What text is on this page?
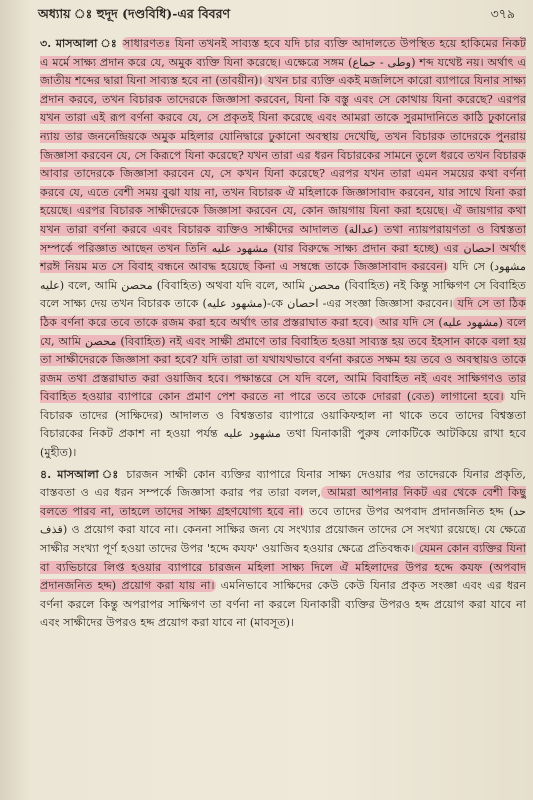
অধ্যায় ঃ হুদূদ (দণ্ডবিধি)-এর বিবরণ	৩৭৯

৩. মাসআলা ঃ সাধারণতঃ যিনা তখনই সাব্যস্ত হবে যদি চার ব্যক্তি আদালতে উপস্থিত হয়ে হাকিমের নিকট এ মর্মে সাক্ষ্য প্রদান করে যে, অমুক ব্যক্তি যিনা করেছে। এক্ষেত্রে সঙ্গম (وطی - جماع) শব্দ যথেষ্ট নয়। অর্থাৎ এ জাতীয় শব্দের দ্বারা যিনা সাব্যস্ত হবে না (তাবয়ীন)। যখন চার ব্যক্তি একই মজলিসে কারো ব্যাপারে যিনার সাক্ষ্য প্রদান করবে, তখন বিচারক তাদেরকে জিজ্ঞাসা করবেন, যিনা কি বস্তু এবং সে কোথায় যিনা করেছে? এরপর যখন তারা এই রূপ বর্ণনা করবে যে, সে প্রকৃতই যিনা করেছে এবং আমরা তাকে সুরমাদানিতে কাঠি ঢুকানোর ন্যায় তার জননেন্দ্রিয়কে অমুক মহিলার যোনিদ্বারে ঢুকানো অবস্থায় দেখেছি, তখন বিচারক তাদেরকে পুনরায় জিজ্ঞাসা করবেন যে, সে কিরূপে যিনা করেছে? যখন তারা এর ধরন বিচারকের সামনে তুলে ধরবে তখন বিচারক আবার তাদেরকে জিজ্ঞাসা করবেন যে, সে কখন যিনা করেছে? এরপর যখন তারা এমন সময়ের কথা বর্ণনা করবে যে, এতে বেশী সময় বুঝা যায় না, তখন বিচারক ঐ মহিলাকে জিজ্ঞাসাবাদ করবেন, যার সাথে যিনা করা হয়েছে। এরপর বিচারক সাক্ষীদেরকে জিজ্ঞাসা করবেন যে, কোন জায়গায় যিনা করা হয়েছে। ঐ জায়গার কথা যখন তারা বর্ণনা করবে এবং বিচারক ব্যক্তিও সাক্ষীদের আদালত (عدالة) তথা ন্যায়পরায়ণতা ও বিশ্বস্ততা সম্পর্কে পরিজ্ঞাত আছেন তখন তিনি مشهود عليه (যার বিরুদ্ধে সাক্ষ্য প্রদান করা হচ্ছে) এর احصان অর্থাৎ শরঈ নিয়ম মত সে বিবাহ বন্ধনে আবদ্ধ হয়েছে কিনা এ সম্বন্ধে তাকে জিজ্ঞাসাবাদ করবেন। যদি সে (مشهود عليه) বলে, আমি محصن (বিবাহিত) অথবা যদি বলে, আমি محصن (বিবাহিত) নই কিন্তু সাক্ষিগণ সে বিবাহিত বলে সাক্ষ্য দেয় তখন বিচারক তাকে (مشهود عليه)-কে احصان -এর সংজ্ঞা জিজ্ঞাসা করবেন। যদি সে তা ঠিক ঠিক বর্ণনা করে তবে তাকে রজম করা হবে অর্থাৎ তার প্রস্তরাঘাত করা হবে। আর যদি সে (مشهود عليه) বলে যে, আমি محصن (বিবাহিত) নই এবং সাক্ষী প্রমাণে তার বিবাহিত হওয়া সাব্যস্ত হয় তবে ইহসান কাকে বলা হয় তা সাক্ষীদেরকে জিজ্ঞাসা করা হবে? যদি তারা তা যথাযথভাবে বর্ণনা করতে সক্ষম হয় তবে ও অবস্থায়ও তাকে রজম তথা প্রস্তরাঘাত করা ওয়াজিব হবে। পক্ষান্তরে সে যদি বলে, আমি বিবাহিত নই এবং সাক্ষিগণও তার বিবাহিত হওয়ার ব্যাপারে কোন প্রমাণ পেশ করতে না পারে তবে তাকে দোররা (বেত) লাগানো হবে। যদি বিচারক তাদের (সাক্ষিদের) আদালত ও বিশ্বস্ততার ব্যাপারে ওয়াকিফহাল না থাকে তবে তাদের বিশ্বস্ততা বিচারকের নিকট প্রকাশ না হওয়া পর্যন্ত مشهود عليه তথা যিনাকারী পুরুষ লোকটিকে আটকিয়ে রাখা হবে (মুহীত)।

৪. মাসআলা ঃ চারজন সাক্ষী কোন ব্যক্তির ব্যাপারে যিনার সাক্ষ্য দেওয়ার পর তাদেরকে যিনার প্রকৃতি, বাস্তবতা ও এর ধরন সম্পর্কে জিজ্ঞাসা করার পর তারা বলল, আমরা আপনার নিকট এর থেকে বেশী কিছু বলতে পারব না, তাহলে তাদের সাক্ষ্য গ্রহণযোগ্য হবে না। তবে তাদের উপর অপবাদ প্রদানজনিত হদ্দ (حد قذف) ও প্রয়োগ করা যাবে না। কেননা সাক্ষির জন্য যে সংখ্যার প্রয়োজন তাদের সে সংখ্যা রয়েছে। যে ক্ষেত্রে সাক্ষীর সংখ্যা পূর্ণ হওয়া তাদের উপর 'হদ্দে কযফ' ওয়াজিব হওয়ার ক্ষেত্রে প্রতিবন্ধক। যেমন কোন ব্যক্তির যিনা বা ব্যভিচারে লিপ্ত হওয়ার ব্যাপারে চারজন মহিলা সাক্ষ্য দিলে ঐ মহিলাদের উপর হদ্দে কযফ (অপবাদ প্রদানজনিত হদ্দ) প্রয়োগ করা যায় না। এমনিভাবে সাক্ষিদের কেউ কেউ যিনার প্রকৃত সংজ্ঞা এবং এর ধরন বর্ণনা করলে কিন্তু অপরাপর সাক্ষিগণ তা বর্ণনা না করলে যিনাকারী ব্যক্তির উপরও হদ্দ প্রয়োগ করা যাবে না এবং সাক্ষীদের উপরও হদ্দ প্রয়োগ করা যাবে না (মাবসূত)।
